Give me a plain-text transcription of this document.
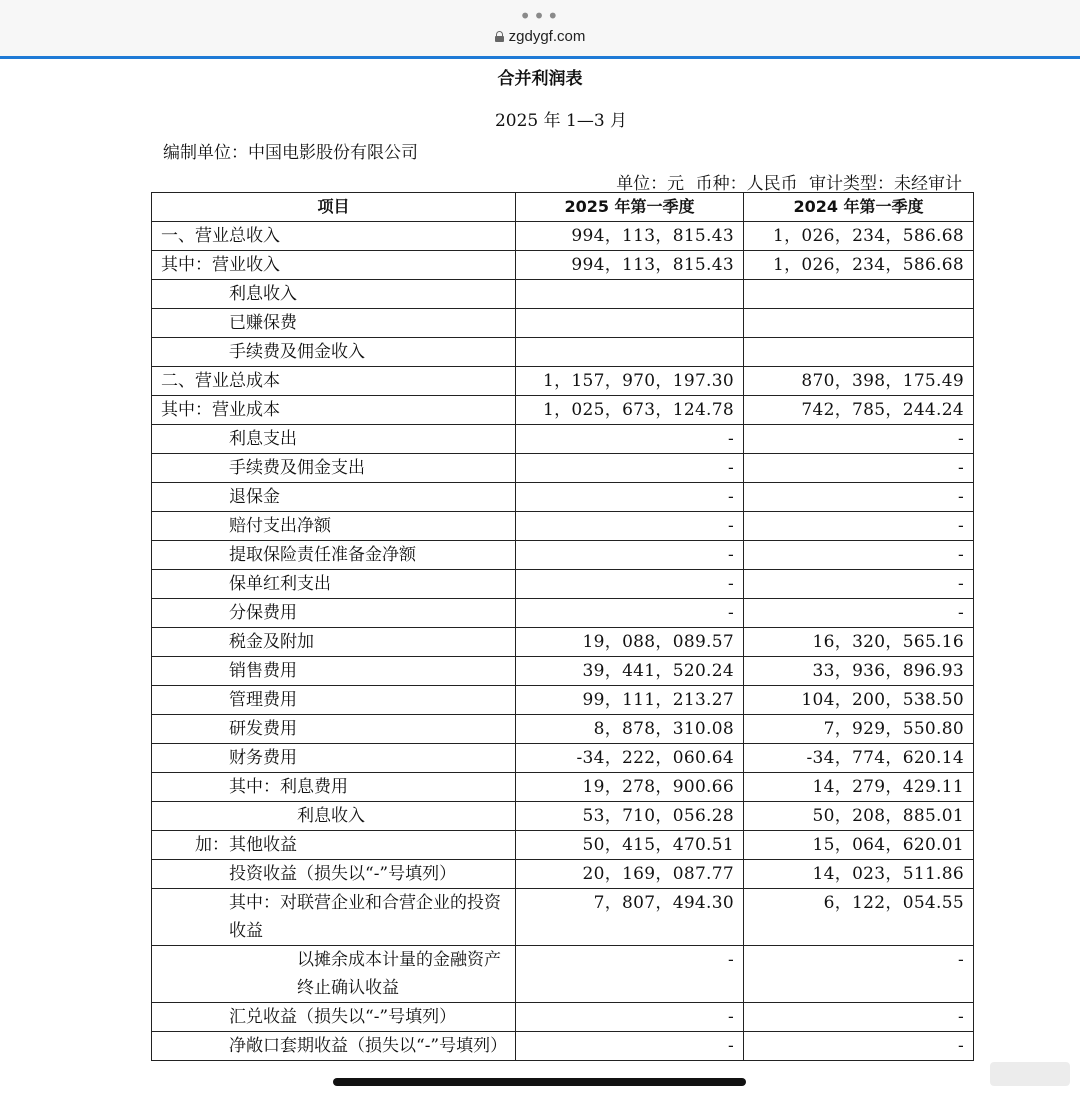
•••
zgdygf.com
合并利润表
2025 年 1—3 月
编制单位：中国电影股份有限公司
单位：元 币种：人民币 审计类型：未经审计
项目	2025 年第一季度	2024 年第一季度
一、营业总收入	994，113，815.43	1，026，234，586.68
其中：营业收入	994，113，815.43	1，026，234，586.68
利息收入		
已赚保费		
手续费及佣金收入		
二、营业总成本	1，157，970，197.30	870，398，175.49
其中：营业成本	1，025，673，124.78	742，785，244.24
利息支出	-	-
手续费及佣金支出	-	-
退保金	-	-
赔付支出净额	-	-
提取保险责任准备金净额	-	-
保单红利支出	-	-
分保费用	-	-
税金及附加	19，088，089.57	16，320，565.16
销售费用	39，441，520.24	33，936，896.93
管理费用	99，111，213.27	104，200，538.50
研发费用	8，878，310.08	7，929，550.80
财务费用	-34，222，060.64	-34，774，620.14
其中：利息费用	19，278，900.66	14，279，429.11
利息收入	53，710，056.28	50，208，885.01
加：其他收益	50，415，470.51	15，064，620.01
投资收益（损失以“-”号填列）	20，169，087.77	14，023，511.86
其中：对联营企业和合营企业的投资收益	7，807，494.30	6，122，054.55
以摊余成本计量的金融资产终止确认收益	-	-
汇兑收益（损失以“-”号填列）	-	-
净敞口套期收益（损失以“-”号填列）	-	-
